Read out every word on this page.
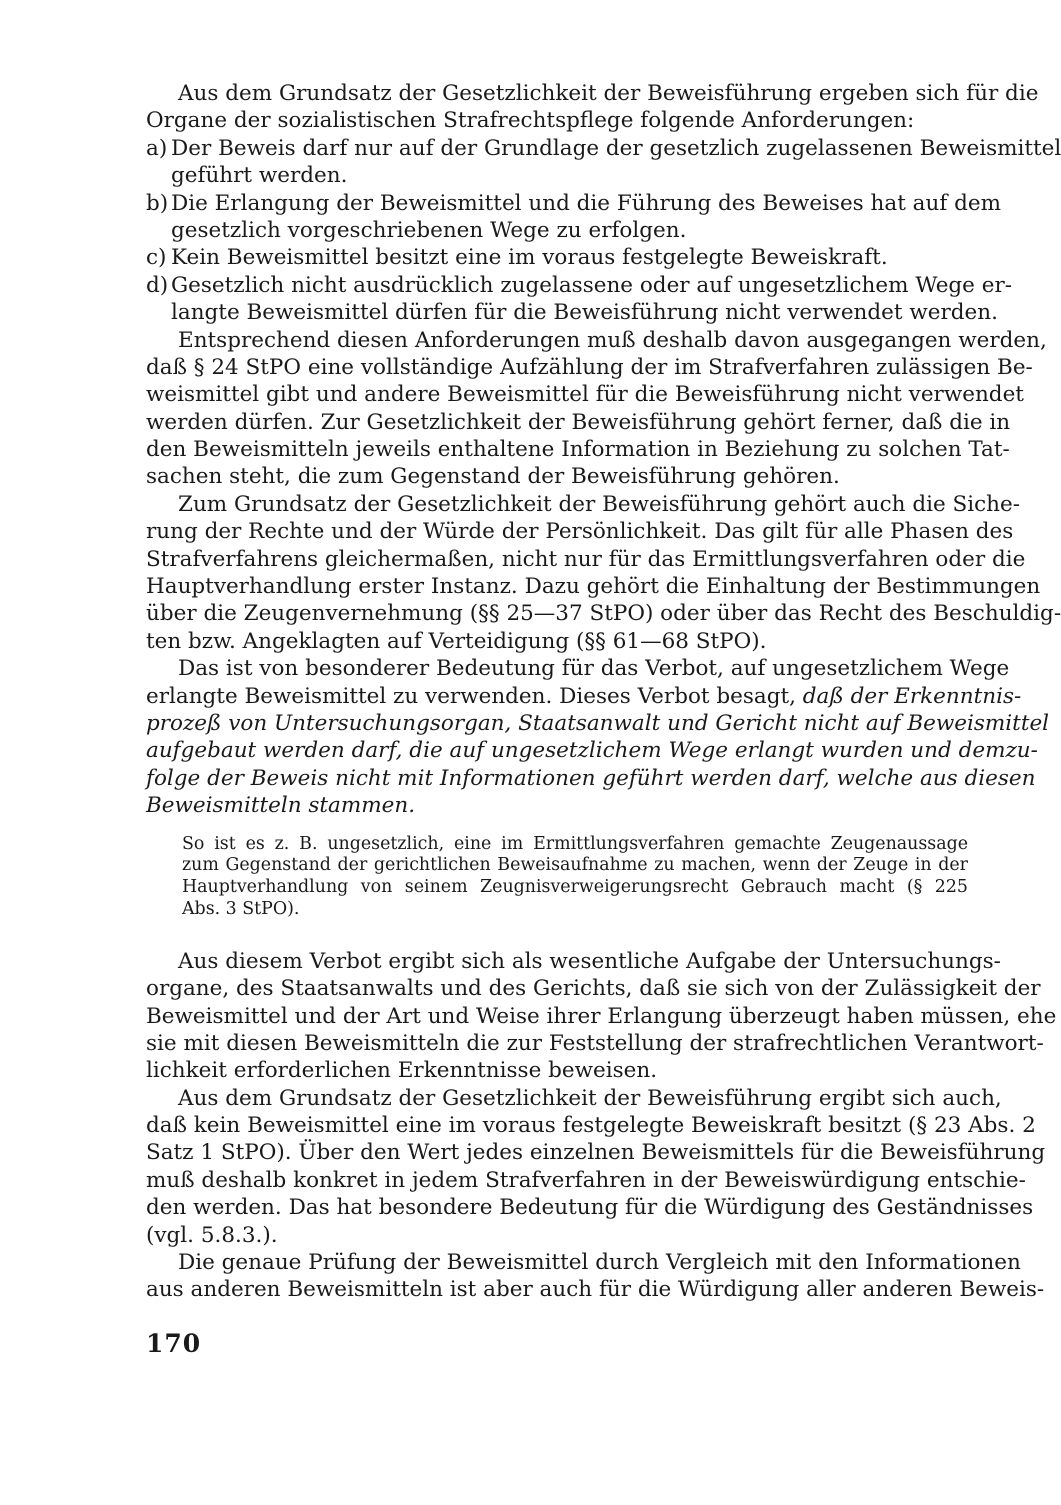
Aus dem Grundsatz der Gesetzlichkeit der Beweisführung ergeben sich für die
Organe der sozialistischen Strafrechtspflege folgende Anforderungen:
a) Der Beweis darf nur auf der Grundlage der gesetzlich zugelassenen Beweismittel
geführt werden.
b) Die Erlangung der Beweismittel und die Führung des Beweises hat auf dem
gesetzlich vorgeschriebenen Wege zu erfolgen.
c) Kein Beweismittel besitzt eine im voraus festgelegte Beweiskraft.
d) Gesetzlich nicht ausdrücklich zugelassene oder auf ungesetzlichem Wege er-
langte Beweismittel dürfen für die Beweisführung nicht verwendet werden.
Entsprechend diesen Anforderungen muß deshalb davon ausgegangen werden,
daß § 24 StPO eine vollständige Aufzählung der im Strafverfahren zulässigen Be-
weismittel gibt und andere Beweismittel für die Beweisführung nicht verwendet
werden dürfen. Zur Gesetzlichkeit der Beweisführung gehört ferner, daß die in
den Beweismitteln jeweils enthaltene Information in Beziehung zu solchen Tat-
sachen steht, die zum Gegenstand der Beweisführung gehören.
Zum Grundsatz der Gesetzlichkeit der Beweisführung gehört auch die Siche-
rung der Rechte und der Würde der Persönlichkeit. Das gilt für alle Phasen des
Strafverfahrens gleichermaßen, nicht nur für das Ermittlungsverfahren oder die
Hauptverhandlung erster Instanz. Dazu gehört die Einhaltung der Bestimmungen
über die Zeugenvernehmung (§§ 25—37 StPO) oder über das Recht des Beschuldig-
ten bzw. Angeklagten auf Verteidigung (§§ 61—68 StPO).
Das ist von besonderer Bedeutung für das Verbot, auf ungesetzlichem Wege
erlangte Beweismittel zu verwenden. Dieses Verbot besagt, daß der Erkenntnis-
prozeß von Untersuchungsorgan, Staatsanwalt und Gericht nicht auf Beweismittel
aufgebaut werden darf, die auf ungesetzlichem Wege erlangt wurden und demzu-
folge der Beweis nicht mit Informationen geführt werden darf, welche aus diesen
Beweismitteln stammen.
So ist es z. B. ungesetzlich, eine im Ermittlungsverfahren gemachte Zeugenaussage
zum Gegenstand der gerichtlichen Beweisaufnahme zu machen, wenn der Zeuge in der
Hauptverhandlung von seinem Zeugnisverweigerungsrecht Gebrauch macht (§ 225
Abs. 3 StPO).
Aus diesem Verbot ergibt sich als wesentliche Aufgabe der Untersuchungs-
organe, des Staatsanwalts und des Gerichts, daß sie sich von der Zulässigkeit der
Beweismittel und der Art und Weise ihrer Erlangung überzeugt haben müssen, ehe
sie mit diesen Beweismitteln die zur Feststellung der strafrechtlichen Verantwort-
lichkeit erforderlichen Erkenntnisse beweisen.
Aus dem Grundsatz der Gesetzlichkeit der Beweisführung ergibt sich auch,
daß kein Beweismittel eine im voraus festgelegte Beweiskraft besitzt (§ 23 Abs. 2
Satz 1 StPO). Über den Wert jedes einzelnen Beweismittels für die Beweisführung
muß deshalb konkret in jedem Strafverfahren in der Beweiswürdigung entschie-
den werden. Das hat besondere Bedeutung für die Würdigung des Geständnisses
(vgl. 5.8.3.).
Die genaue Prüfung der Beweismittel durch Vergleich mit den Informationen
aus anderen Beweismitteln ist aber auch für die Würdigung aller anderen Beweis-
170
